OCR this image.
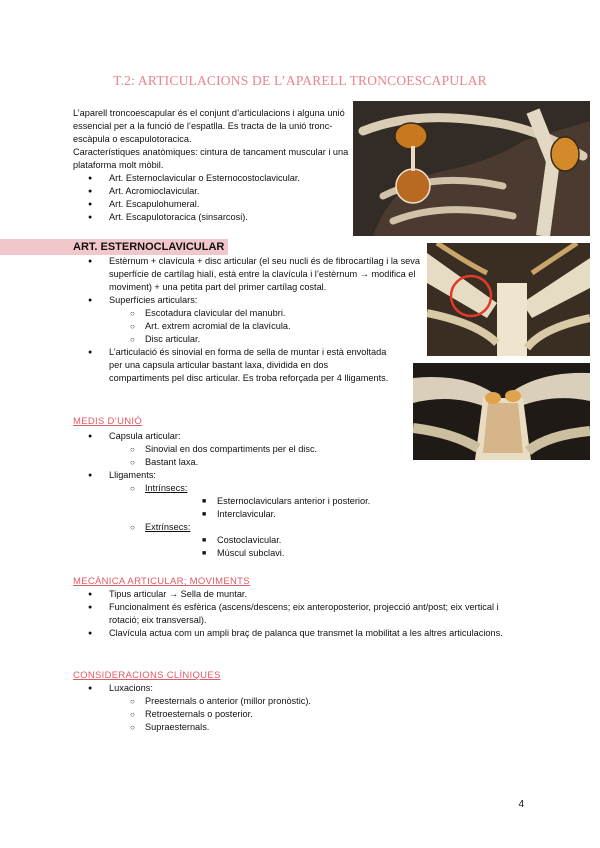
T.2: ARTICULACIONS DE L’APARELL TRONCOESCAPULAR

L’aparell troncoescapular és el conjunt d’articulacions i alguna unió essencial per a la funció de l’espatlla. Es tracta de la unió tronc-escàpula o escapulotoracica.

Característiques anatòmiques: cintura de tancament muscular i una plataforma molt mòbil.

● Art. Esternoclavicular o Esternocostoclavicular.
● Art. Acromioclavicular.
● Art. Escapulohumeral.
● Art. Escapulotoracica (sinsarcosi).
ART. ESTERNOCLAVICULAR
● Estèrnum + clavícula + disc articular (el seu nucli és de fibrocartílag i la seva superfície de cartílag hialí, està entre la clavícula i l’estèrnum → modifica el moviment) + una petita part del primer cartílag costal.
● Superfícies articulars:
○ Escotadura clavicular del manubri.
○ Art. extrem acromial de la clavícula.
○ Disc articular.
● L’articulació és sinovial en forma de sella de muntar i està envoltada per una capsula articular bastant laxa, dividida en dos compartiments pel disc articular. Es troba reforçada per 4 lligaments.
MEDIS D’UNIÓ
● Capsula articular:
○ Sinovial en dos compartiments per el disc.
○ Bastant laxa.
● Lligaments:
○ Intrínsecs:
■ Esternoclaviculars anterior i posterior.
■ Interclavicular.
○ Extrínsecs:
■ Costoclavicular.
■ Múscul subclavi.
MECÀNICA ARTICULAR; MOVIMENTS
● Tipus articular → Sella de muntar.
● Funcionalment és esfèrica (ascens/descens; eix anteroposterior, projecció ant/post; eix vertical i rotació; eix transversal).
● Clavícula actua com un ampli braç de palanca que transmet la mobilitat a les altres articulacions.
CONSIDERACIONS CLÍNIQUES
● Luxacions:
○ Preesternals o anterior (millor pronòstic).
○ Retroesternals o posterior.
○ Supraesternals.
4
